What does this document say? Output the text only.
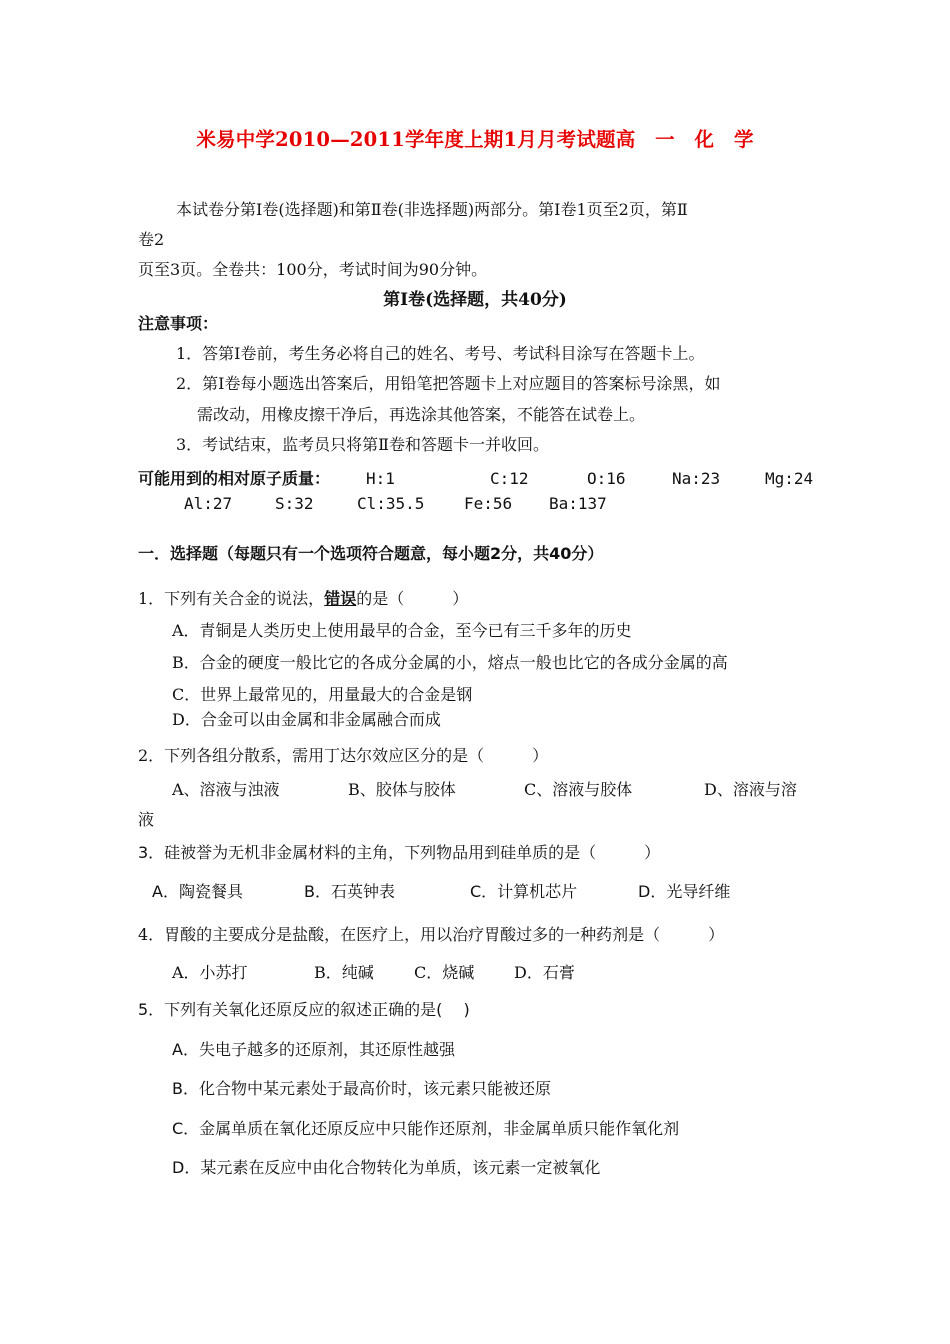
米易中学2010—2011学年度上期1月月考试题高　一　化　学
本试卷分第Ⅰ卷(选择题)和第Ⅱ卷(非选择题)两部分。第Ⅰ卷1页至2页，第Ⅱ
卷2
页至3页。全卷共：100分，考试时间为90分钟。
第Ⅰ卷(选择题，共40分)
注意事项：
1．答第Ⅰ卷前，考生务必将自己的姓名、考号、考试科目涂写在答题卡上。
2．第Ⅰ卷每小题选出答案后，用铅笔把答题卡上对应题目的答案标号涂黑，如
需改动，用橡皮擦干净后，再选涂其他答案，不能答在试卷上。
3．考试结束，监考员只将第Ⅱ卷和答题卡一并收回。
可能用到的相对原子质量： H:1	C:12	O:16	Na:23	Mg:24
Al:27	S:32	Cl:35.5 Fe:56 Ba:137
一．选择题（每题只有一个选项符合题意，每小题2分，共40分）
1．下列有关合金的说法，错误的是（　　　）
A．青铜是人类历史上使用最早的合金，至今已有三千多年的历史
B．合金的硬度一般比它的各成分金属的小，熔点一般也比它的各成分金属的高
C．世界上最常见的，用量最大的合金是钢
D．合金可以由金属和非金属融合而成
2．下列各组分散系，需用丁达尔效应区分的是（　　　）
A、溶液与浊液	B、胶体与胶体	C、溶液与胶体	D、溶液与溶
液
3．硅被誉为无机非金属材料的主角，下列物品用到硅单质的是（　　　）
A．陶瓷餐具	B．石英钟表	C．计算机芯片	D．光导纤维
4．胃酸的主要成分是盐酸，在医疗上，用以治疗胃酸过多的一种药剂是（　　　）
A．小苏打	B．纯碱	C．烧碱 D．石膏
5．下列有关氧化还原反应的叙述正确的是(　 )
A．失电子越多的还原剂，其还原性越强
B．化合物中某元素处于最高价时，该元素只能被还原
C．金属单质在氧化还原反应中只能作还原剂，非金属单质只能作氧化剂
D．某元素在反应中由化合物转化为单质，该元素一定被氧化
